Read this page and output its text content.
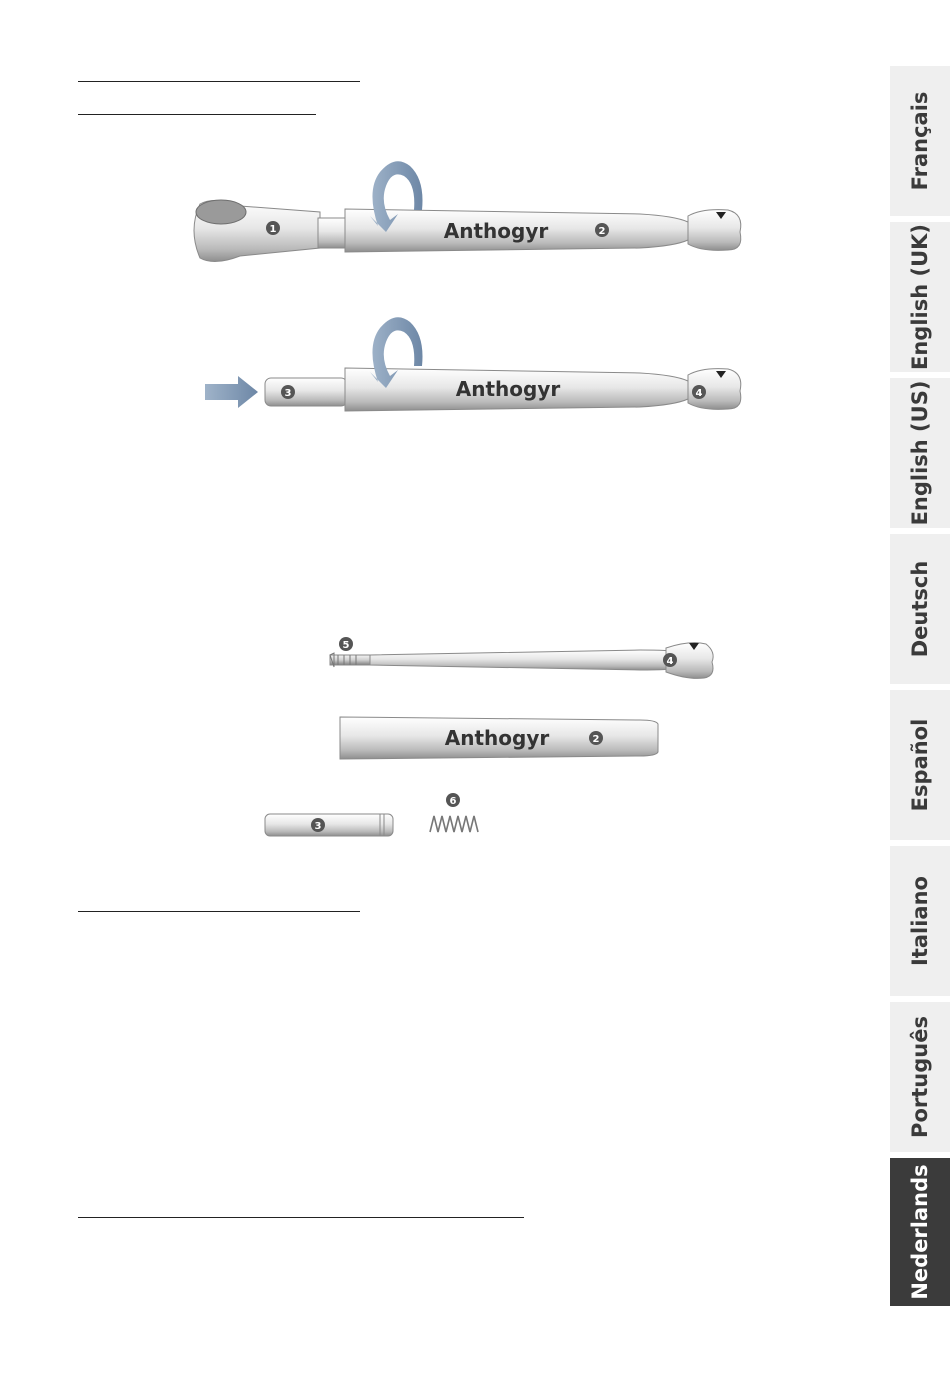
Anthogyr
1	2
Anthogyr
3	4
5
4
Anthogyr	2
3
6
Français
English (UK)
English (US)
Deutsch
Español
Italiano
Português
Nederlands
